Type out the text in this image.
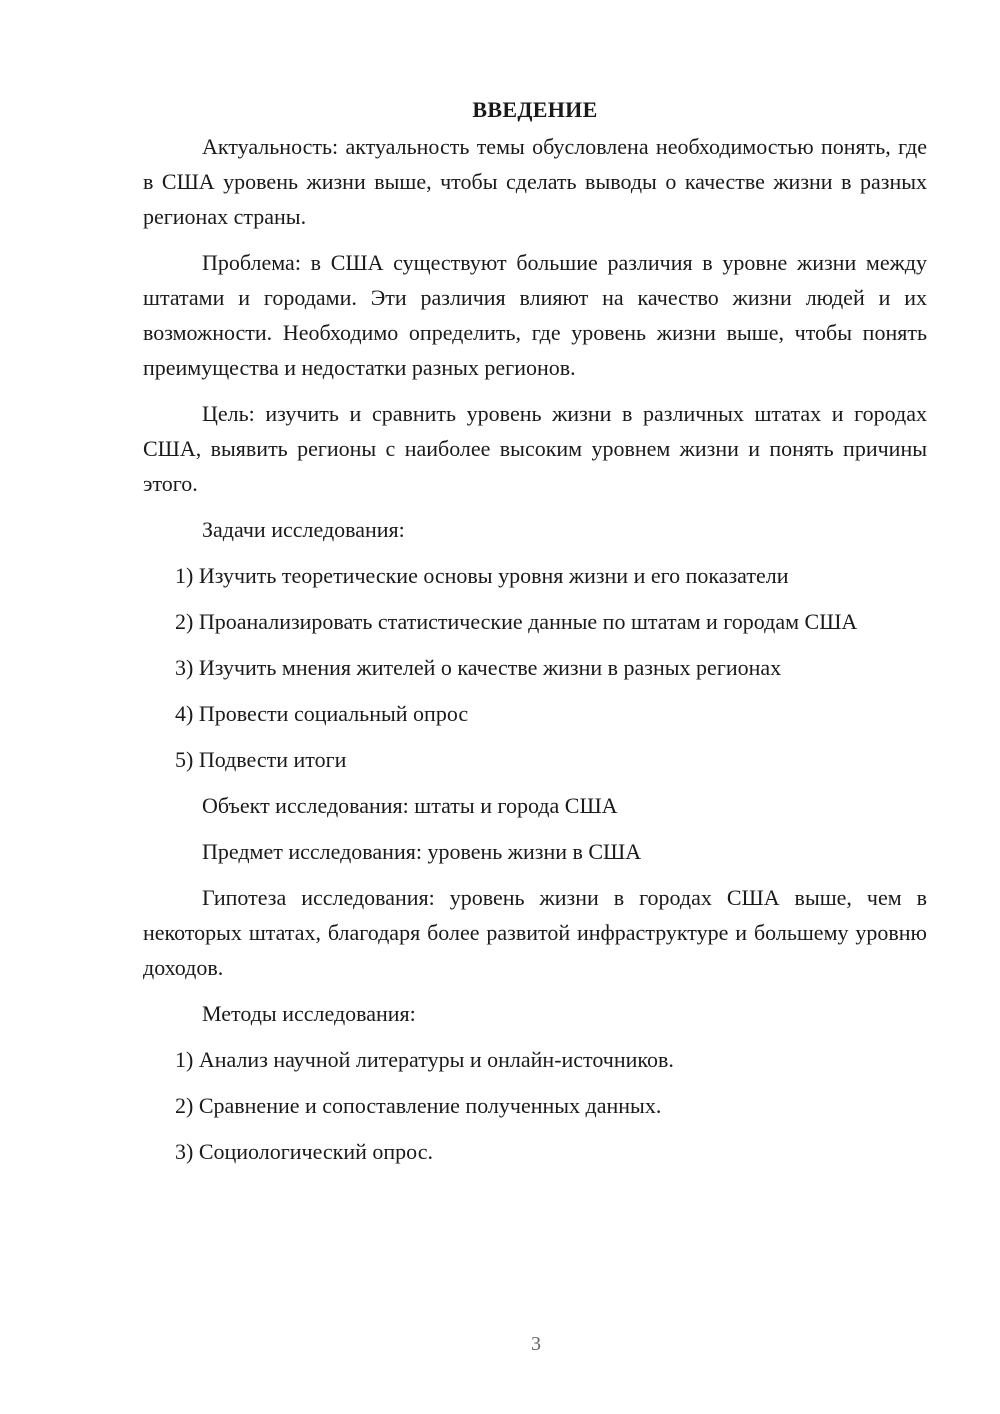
ВВЕДЕНИЕ

Актуальность: актуальность темы обусловлена необходимостью понять, где в США уровень жизни выше, чтобы сделать выводы о качестве жизни в разных регионах страны.

Проблема: в США существуют большие различия в уровне жизни между штатами и городами. Эти различия влияют на качество жизни людей и их возможности. Необходимо определить, где уровень жизни выше, чтобы понять преимущества и недостатки разных регионов.

Цель: изучить и сравнить уровень жизни в различных штатах и городах США, выявить регионы с наиболее высоким уровнем жизни и понять причины этого.

Задачи исследования:

1) Изучить теоретические основы уровня жизни и его показатели

2) Проанализировать статистические данные по штатам и городам США

3) Изучить мнения жителей о качестве жизни в разных регионах

4) Провести социальный опрос

5) Подвести итоги

Объект исследования: штаты и города США

Предмет исследования: уровень жизни в США

Гипотеза исследования: уровень жизни в городах США выше, чем в некоторых штатах, благодаря более развитой инфраструктуре и большему уровню доходов.

Методы исследования:

1) Анализ научной литературы и онлайн-источников.

2) Сравнение и сопоставление полученных данных.

3) Социологический опрос.

3
